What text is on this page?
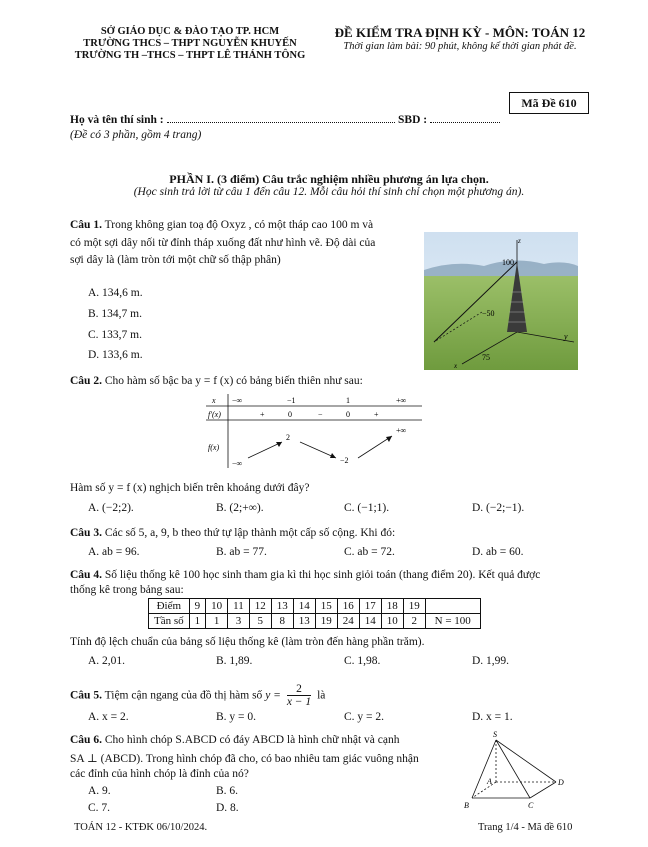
SỞ GIÁO DỤC & ĐÀO TẠO TP. HCM
TRƯỜNG THCS – THPT NGUYỄN KHUYẾN
TRƯỜNG TH –THCS – THPT LÊ THÁNH TÔNG
ĐỀ KIỂM TRA ĐỊNH KỲ - MÔN: TOÁN 12
Thời gian làm bài: 90 phút, không kể thời gian phát đề.
Mã Đề 610
Họ và tên thí sinh :	SBD :
(Đề có 3 phần, gồm 4 trang)
PHẦN I. (3 điểm) Câu trắc nghiệm nhiều phương án lựa chọn.
(Học sinh trả lời từ câu 1 đến câu 12. Mỗi câu hỏi thí sinh chỉ chọn một phương án).
Câu 1. Trong không gian toạ độ Oxyz , có một tháp cao 100 m và
có một sợi dây nối từ đỉnh tháp xuống đất như hình vẽ. Độ dài của
sợi dây là (làm tròn tới một chữ số thập phân)
A. 134,6 m.
B. 134,7 m.
C. 133,7 m.
D. 133,6 m.
z
100
−50
y
75
x
Câu 2. Cho hàm số bậc ba y = f (x) có bảng biến thiên như sau:
x −∞	−1	1	+∞
f′(x)	+	0	−	0	+
f(x)
−∞
2
−2
+∞
Hàm số y = f (x) nghịch biến trên khoảng dưới đây?
A. (−2;2).	B. (2;+∞).	C. (−1;1).	D. (−2;−1).
Câu 3. Các số 5, a, 9, b theo thứ tự lập thành một cấp số cộng. Khi đó:
A. ab = 96.	B. ab = 77.	C. ab = 72.	D. ab = 60.
Câu 4. Số liệu thống kê 100 học sinh tham gia kì thi học sinh giỏi toán (thang điểm 20). Kết quả được
thống kê trong bảng sau:
Điểm	9	10	11	12	13	14	15	16	17	18	19	
Tần số	1	1	3	5	8	13	19	24	14	10	2	N = 100
Tính độ lệch chuẩn của bảng số liệu thống kê (làm tròn đến hàng phần trăm).
A. 2,01.	B. 1,89.	C. 1,98.	D. 1,99.
Câu 5. Tiệm cận ngang của đồ thị hàm số $y = \frac{2}{x - 1}$ là
A. x = 2.	B. y = 0.	C. y = 2.	D. x = 1.
Câu 6. Cho hình chóp S.ABCD có đáy ABCD là hình chữ nhật và cạnh
SA ⊥ (ABCD). Trong hình chóp đã cho, có bao nhiêu tam giác vuông nhận
các đỉnh của hình chóp là đỉnh của nó?
A. 9.	B. 6.
C. 7.	D. 8.
S
A
B	C
D
TOÁN 12 - KTĐK 06/10/2024.	Trang 1/4 - Mã đề 610
